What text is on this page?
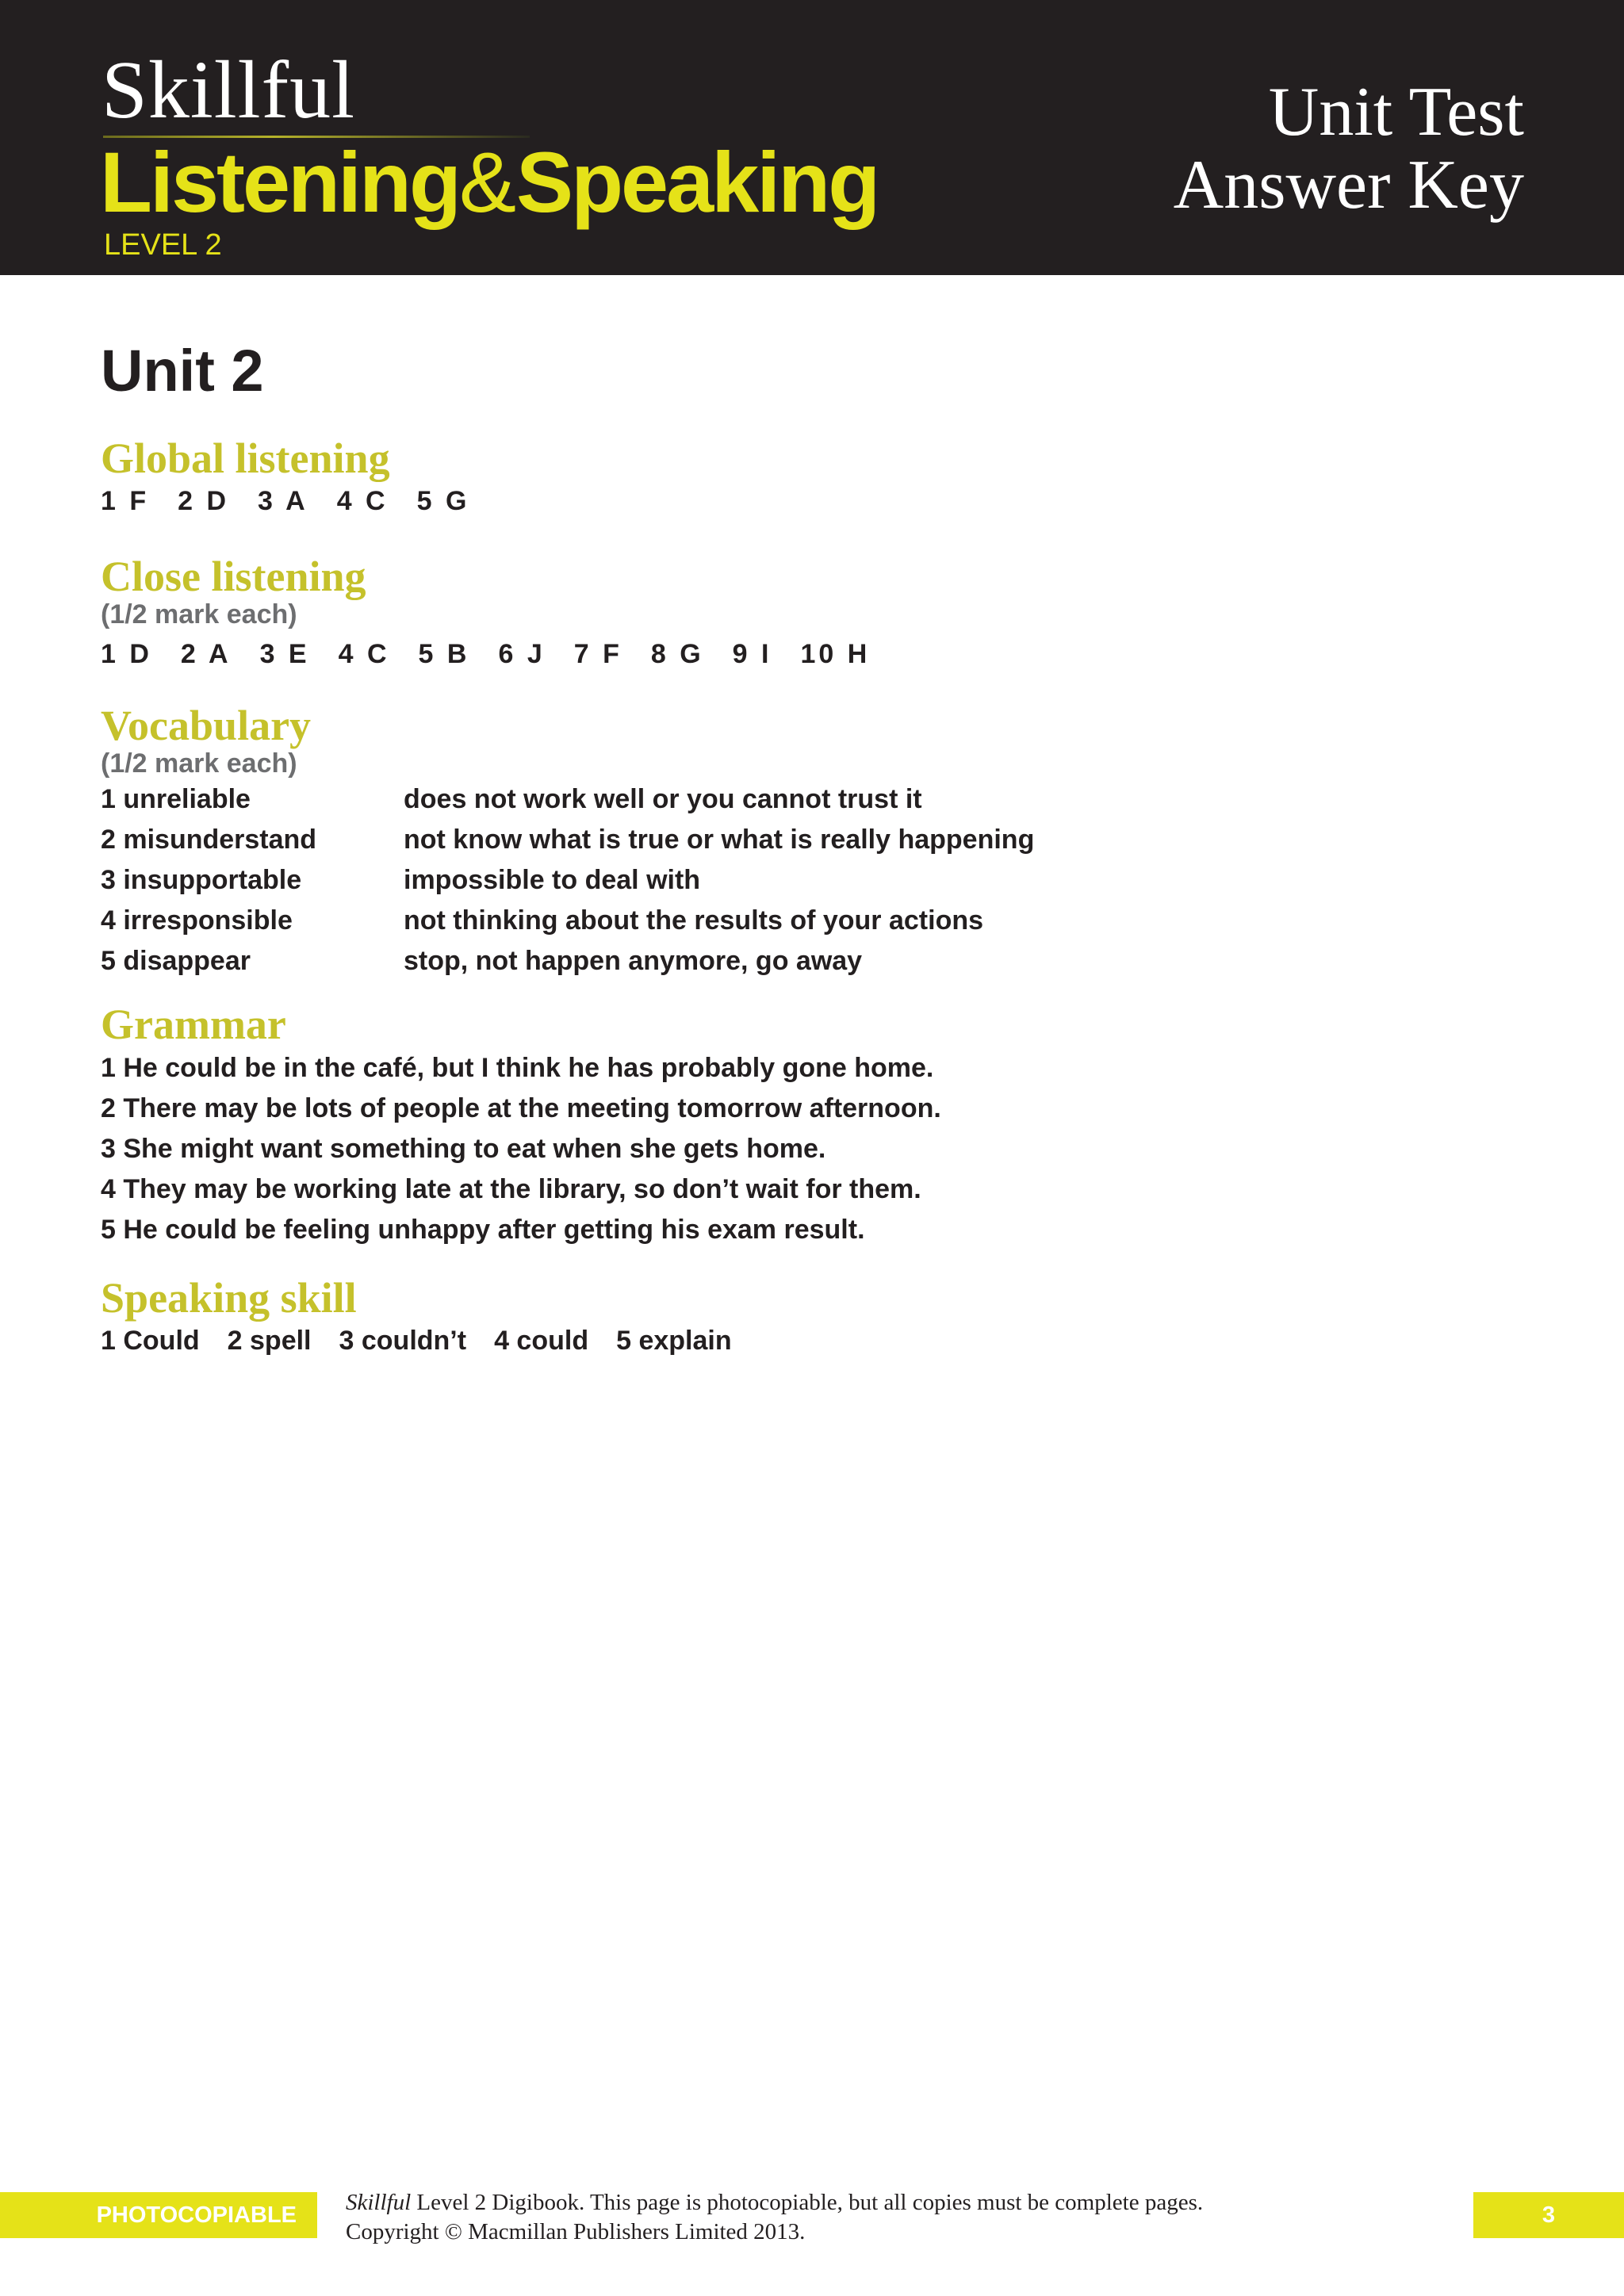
Skillful
Listening&Speaking
LEVEL 2
Unit Test
Answer Key
Unit 2
Global listening
1 F 2 D 3 A 4 C 5 G
Close listening
(1/2 mark each)
1 D 2 A 3 E 4 C 5 B 6 J 7 F 8 G 9 I 10 H
Vocabulary
(1/2 mark each)
1 unreliable	does not work well or you cannot trust it
2 misunderstand	not know what is true or what is really happening
3 insupportable	impossible to deal with
4 irresponsible	not thinking about the results of your actions
5 disappear	stop, not happen anymore, go away
Grammar
1 He could be in the café, but I think he has probably gone home.
2 There may be lots of people at the meeting tomorrow afternoon.
3 She might want something to eat when she gets home.
4 They may be working late at the library, so don’t wait for them.
5 He could be feeling unhappy after getting his exam result.
Speaking skill
1 Could 2 spell 3 couldn’t 4 could 5 explain
PHOTOCOPIABLE	Skillful Level 2 Digibook. This page is photocopiable, but all copies must be complete pages.
Copyright © Macmillan Publishers Limited 2013.
3
